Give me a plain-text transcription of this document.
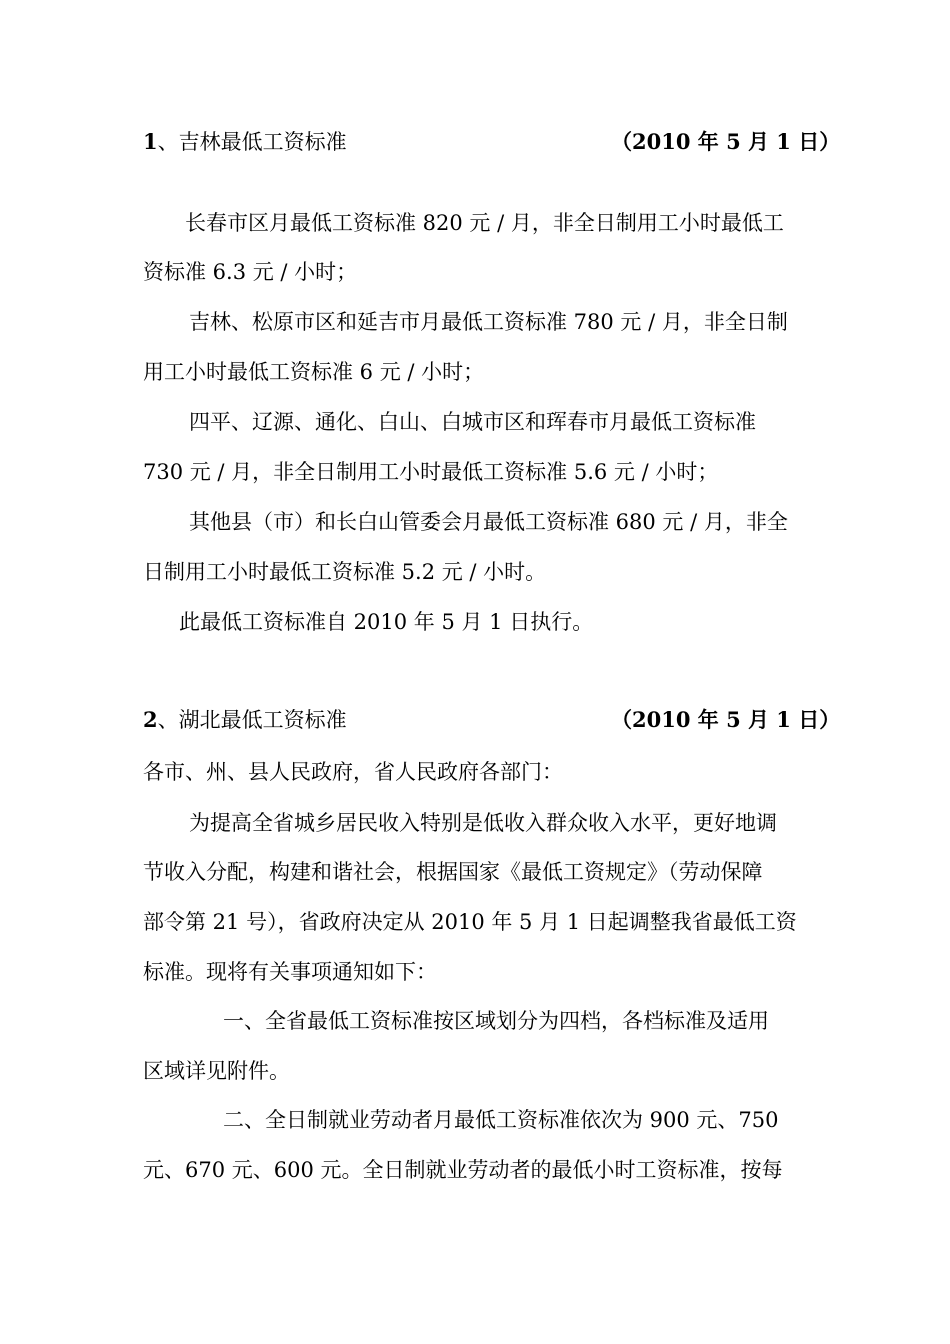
1、吉林最低工资标准	（2010 年 5 月 1 日）
长春市区月最低工资标准 820 元 / 月，非全日制用工小时最低工
资标准 6.3 元 / 小时；
吉林、松原市区和延吉市月最低工资标准 780 元 / 月，非全日制
用工小时最低工资标准 6 元 / 小时；
四平、辽源、通化、白山、白城市区和珲春市月最低工资标准
730 元 / 月，非全日制用工小时最低工资标准 5.6 元 / 小时；
其他县（市）和长白山管委会月最低工资标准 680 元 / 月，非全
日制用工小时最低工资标准 5.2 元 / 小时。
此最低工资标准自 2010 年 5 月 1 日执行。
2、湖北最低工资标准	（2010 年 5 月 1 日）
各市、州、县人民政府，省人民政府各部门：
为提高全省城乡居民收入特别是低收入群众收入水平，更好地调
节收入分配，构建和谐社会，根据国家《最低工资规定》（劳动保障
部令第 21 号），省政府决定从 2010 年 5 月 1 日起调整我省最低工资
标准。现将有关事项通知如下：
一、全省最低工资标准按区域划分为四档，各档标准及适用
区域详见附件。
二、全日制就业劳动者月最低工资标准依次为 900 元、750
元、670 元、600 元。全日制就业劳动者的最低小时工资标准，按每
